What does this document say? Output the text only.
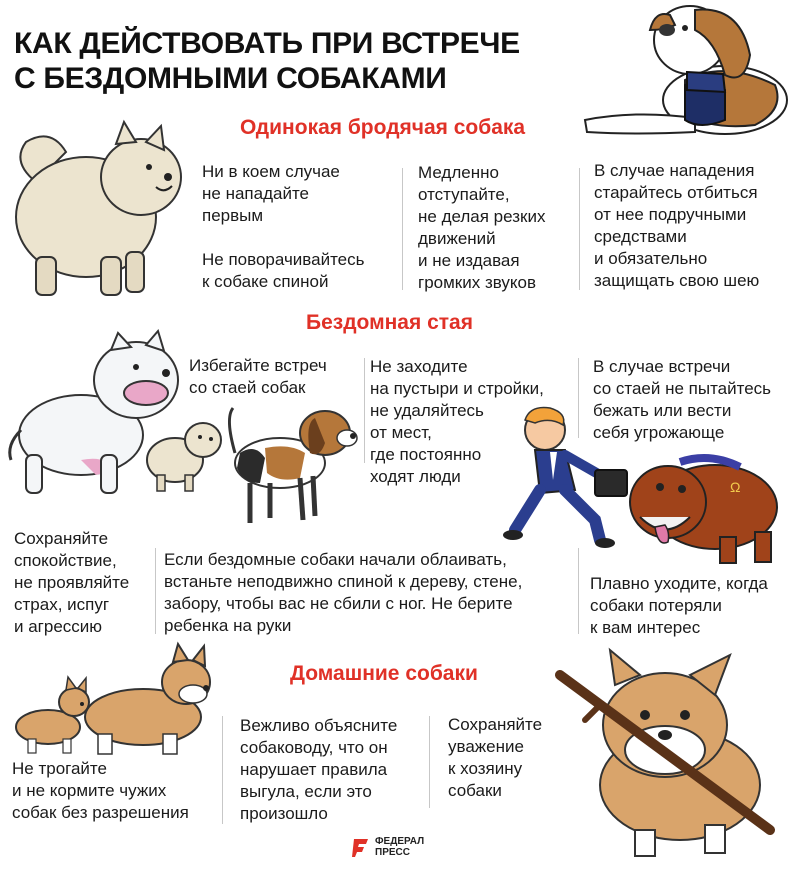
КАК ДЕЙСТВОВАТЬ ПРИ ВСТРЕЧЕ
С БЕЗДОМНЫМИ СОБАКАМИ
Одинокая бродячая собака
Ни в коем случае
не нападайте
первым
Не поворачивайтесь
к собаке спиной
Медленно
отступайте,
не делая резких
движений
и не издавая
громких звуков
В случае нападения
старайтесь отбиться
от нее подручными
средствами
и обязательно
защищать свою шею
Бездомная стая
Избегайте встреч
со стаей собак
Не заходите
на пустыри и стройки,
не удаляйтесь
от мест,
где постоянно
ходят люди
В случае встречи
со стаей не пытайтесь
бежать или вести
себя угрожающе
Ω
Сохраняйте
спокойствие,
не проявляйте
страх, испуг
и агрессию
Если бездомные собаки начали облаивать,
встаньте неподвижно спиной к дереву, стене,
забору, чтобы вас не сбили с ног. Не берите
ребенка на руки
Плавно уходите, когда
собаки потеряли
к вам интерес
Домашние собаки
Не трогайте
и не кормите чужих
собак без разрешения
Вежливо объясните
собаководу, что он
нарушает правила
выгула, если это
произошло
Сохраняйте
уважение
к хозяину
собаки
ФЕДЕРАЛ
ПРЕСС
